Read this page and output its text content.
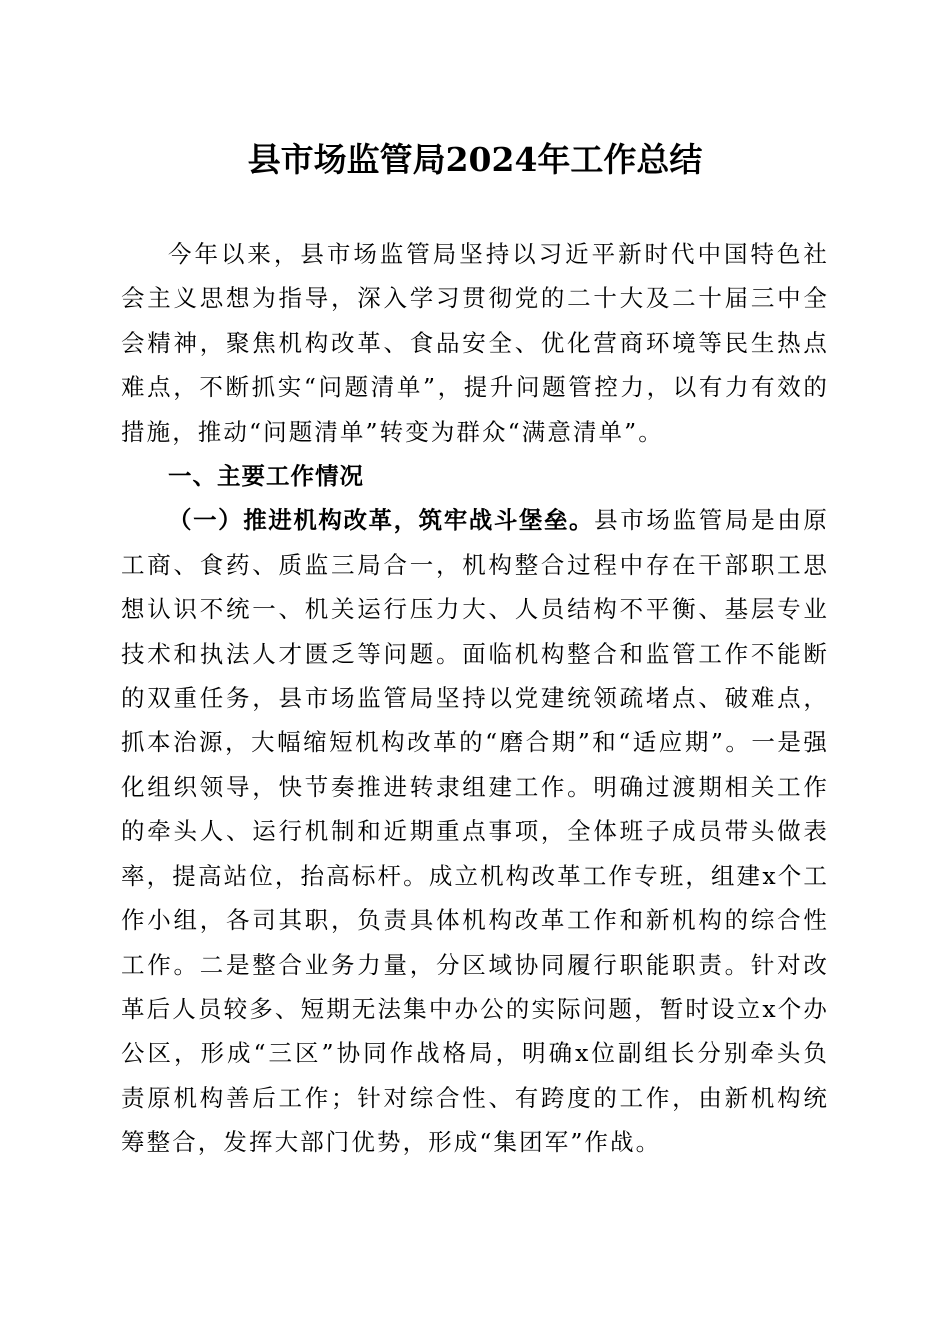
县市场监管局2024年工作总结

今年以来，县市场监管局坚持以习近平新时代中国特色社会主义思想为指导，深入学习贯彻党的二十大及二十届三中全会精神，聚焦机构改革、食品安全、优化营商环境等民生热点难点，不断抓实“问题清单”，提升问题管控力，以有力有效的措施，推动“问题清单”转变为群众“满意清单”。

一、主要工作情况

（一）推进机构改革，筑牢战斗堡垒。县市场监管局是由原工商、食药、质监三局合一，机构整合过程中存在干部职工思想认识不统一、机关运行压力大、人员结构不平衡、基层专业技术和执法人才匮乏等问题。面临机构整合和监管工作不能断的双重任务，县市场监管局坚持以党建统领疏堵点、破难点，抓本治源，大幅缩短机构改革的“磨合期”和“适应期”。一是强化组织领导，快节奏推进转隶组建工作。明确过渡期相关工作的牵头人、运行机制和近期重点事项，全体班子成员带头做表率，提高站位，抬高标杆。成立机构改革工作专班，组建x个工作小组，各司其职，负责具体机构改革工作和新机构的综合性工作。二是整合业务力量，分区域协同履行职能职责。针对改革后人员较多、短期无法集中办公的实际问题，暂时设立x个办公区，形成“三区”协同作战格局，明确x位副组长分别牵头负责原机构善后工作；针对综合性、有跨度的工作，由新机构统筹整合，发挥大部门优势，形成“集团军”作战。
